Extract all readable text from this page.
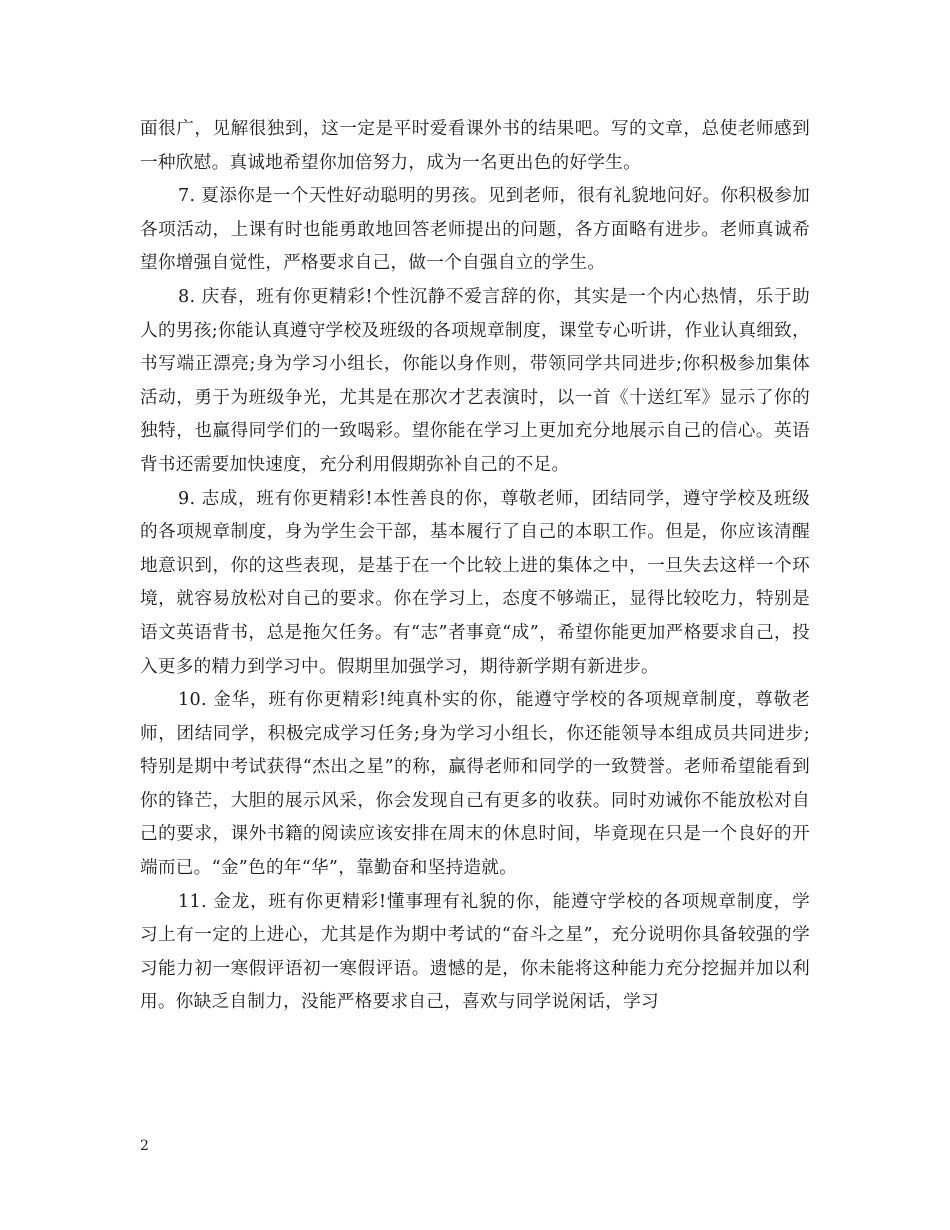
面很广，见解很独到，这一定是平时爱看课外书的结果吧。写的文章，总使老师感到一种欣慰。真诚地希望你加倍努力，成为一名更出色的好学生。

7. 夏添你是一个天性好动聪明的男孩。见到老师，很有礼貌地问好。你积极参加各项活动，上课有时也能勇敢地回答老师提出的问题，各方面略有进步。老师真诚希望你增强自觉性，严格要求自己，做一个自强自立的学生。

8. 庆春，班有你更精彩!个性沉静不爱言辞的你，其实是一个内心热情，乐于助人的男孩;你能认真遵守学校及班级的各项规章制度，课堂专心听讲，作业认真细致，书写端正漂亮;身为学习小组长，你能以身作则，带领同学共同进步;你积极参加集体活动，勇于为班级争光，尤其是在那次才艺表演时，以一首《十送红军》显示了你的独特，也赢得同学们的一致喝彩。望你能在学习上更加充分地展示自己的信心。英语背书还需要加快速度，充分利用假期弥补自己的不足。

9. 志成，班有你更精彩!本性善良的你，尊敬老师，团结同学，遵守学校及班级的各项规章制度，身为学生会干部，基本履行了自己的本职工作。但是，你应该清醒地意识到，你的这些表现，是基于在一个比较上进的集体之中，一旦失去这样一个环境，就容易放松对自己的要求。你在学习上，态度不够端正，显得比较吃力，特别是语文英语背书，总是拖欠任务。有“志”者事竟“成”，希望你能更加严格要求自己，投入更多的精力到学习中。假期里加强学习，期待新学期有新进步。

10. 金华，班有你更精彩!纯真朴实的你，能遵守学校的各项规章制度，尊敬老师，团结同学，积极完成学习任务;身为学习小组长，你还能领导本组成员共同进步;特别是期中考试获得“杰出之星”的称，赢得老师和同学的一致赞誉。老师希望能看到你的锋芒，大胆的展示风采，你会发现自己有更多的收获。同时劝诫你不能放松对自己的要求，课外书籍的阅读应该安排在周末的休息时间，毕竟现在只是一个良好的开端而已。“金”色的年“华”，靠勤奋和坚持造就。

11. 金龙，班有你更精彩!懂事理有礼貌的你，能遵守学校的各项规章制度，学习上有一定的上进心，尤其是作为期中考试的“奋斗之星”，充分说明你具备较强的学习能力初一寒假评语初一寒假评语。遗憾的是，你未能将这种能力充分挖掘并加以利用。你缺乏自制力，没能严格要求自己，喜欢与同学说闲话，学习

2
